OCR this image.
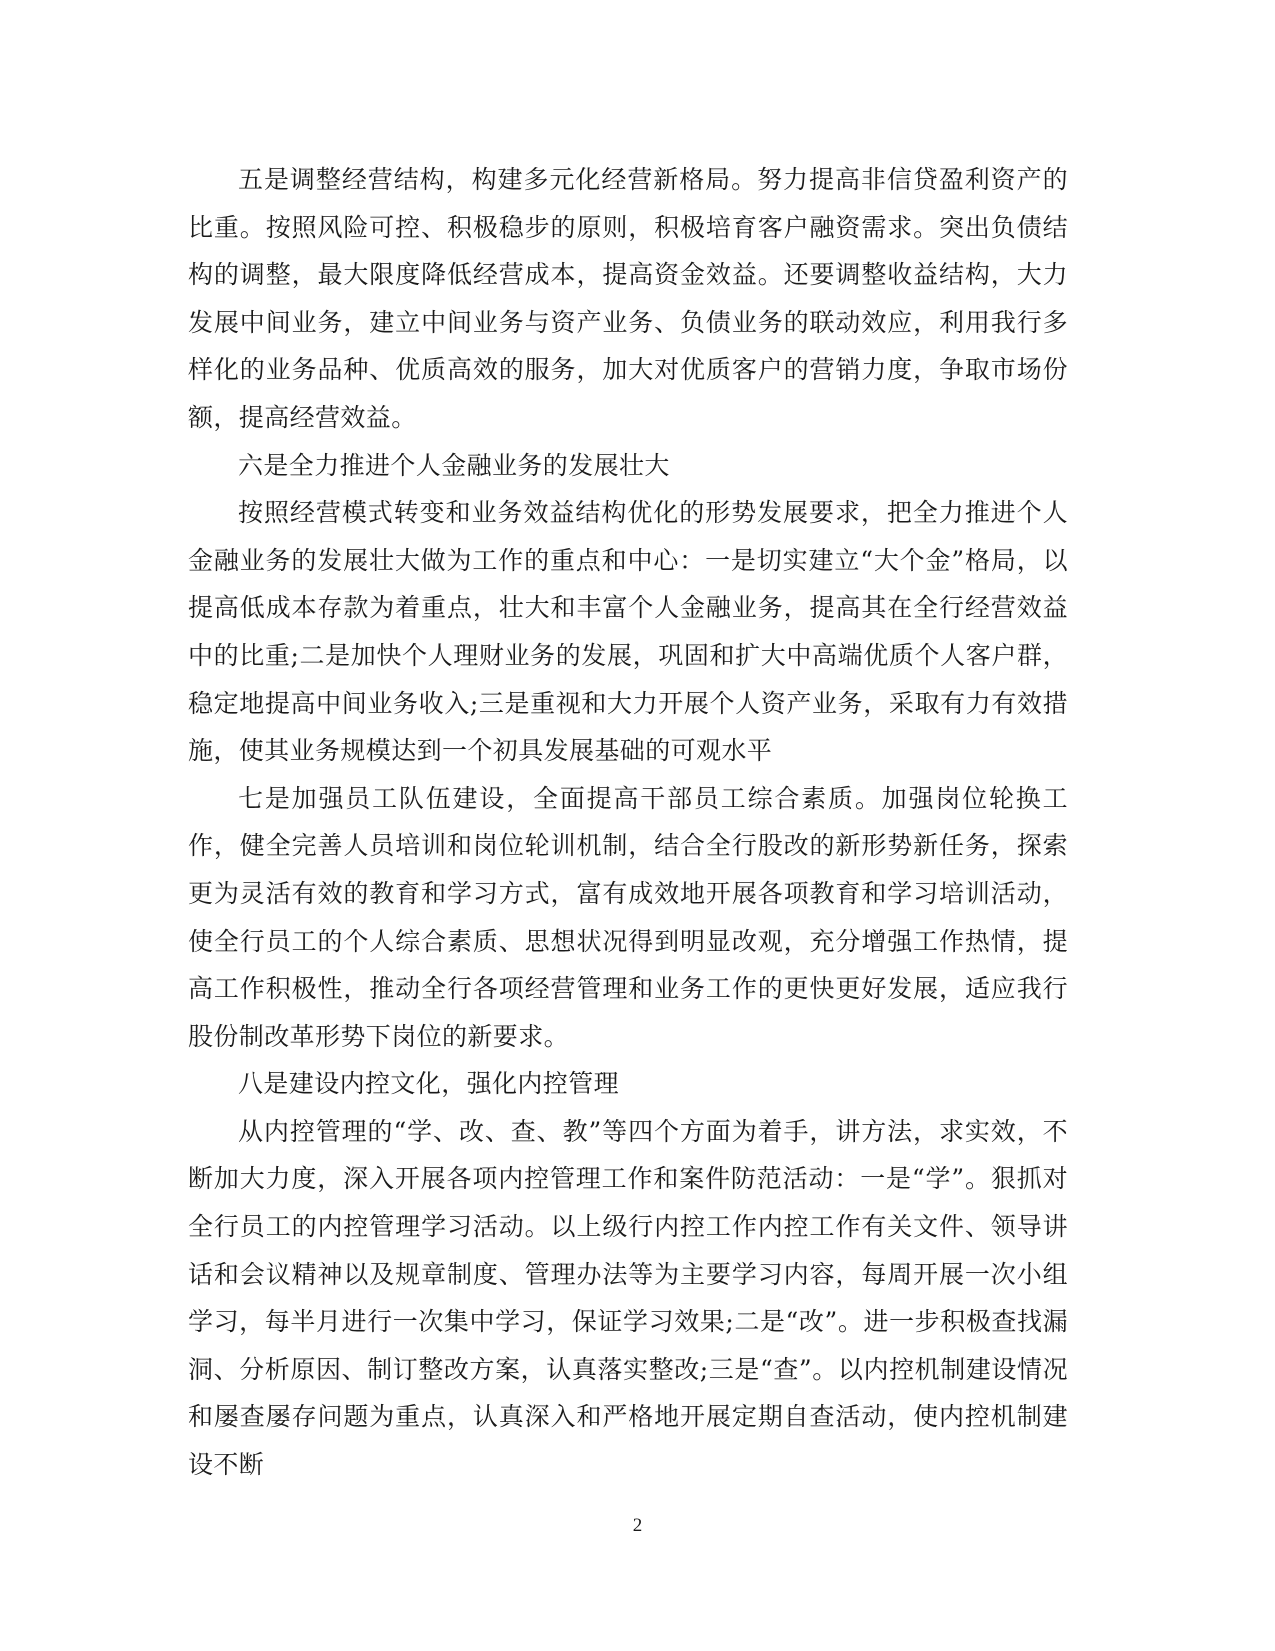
五是调整经营结构，构建多元化经营新格局。努力提高非信贷盈利资产的比重。按照风险可控、积极稳步的原则，积极培育客户融资需求。突出负债结构的调整，最大限度降低经营成本，提高资金效益。还要调整收益结构，大力发展中间业务，建立中间业务与资产业务、负债业务的联动效应，利用我行多样化的业务品种、优质高效的服务，加大对优质客户的营销力度，争取市场份额，提高经营效益。

六是全力推进个人金融业务的发展壮大

按照经营模式转变和业务效益结构优化的形势发展要求，把全力推进个人金融业务的发展壮大做为工作的重点和中心：一是切实建立“大个金”格局，以提高低成本存款为着重点，壮大和丰富个人金融业务，提高其在全行经营效益中的比重;二是加快个人理财业务的发展，巩固和扩大中高端优质个人客户群，稳定地提高中间业务收入;三是重视和大力开展个人资产业务，采取有力有效措施，使其业务规模达到一个初具发展基础的可观水平

七是加强员工队伍建设，全面提高干部员工综合素质。加强岗位轮换工作，健全完善人员培训和岗位轮训机制，结合全行股改的新形势新任务，探索更为灵活有效的教育和学习方式，富有成效地开展各项教育和学习培训活动，使全行员工的个人综合素质、思想状况得到明显改观，充分增强工作热情，提高工作积极性，推动全行各项经营管理和业务工作的更快更好发展，适应我行股份制改革形势下岗位的新要求。

八是建设内控文化，强化内控管理

从内控管理的“学、改、查、教”等四个方面为着手，讲方法，求实效，不断加大力度，深入开展各项内控管理工作和案件防范活动：一是“学”。狠抓对全行员工的内控管理学习活动。以上级行内控工作内控工作有关文件、领导讲话和会议精神以及规章制度、管理办法等为主要学习内容，每周开展一次小组学习，每半月进行一次集中学习，保证学习效果;二是“改”。进一步积极查找漏洞、分析原因、制订整改方案，认真落实整改;三是“查”。以内控机制建设情况和屡查屡存问题为重点，认真深入和严格地开展定期自查活动，使内控机制建设不断

2
